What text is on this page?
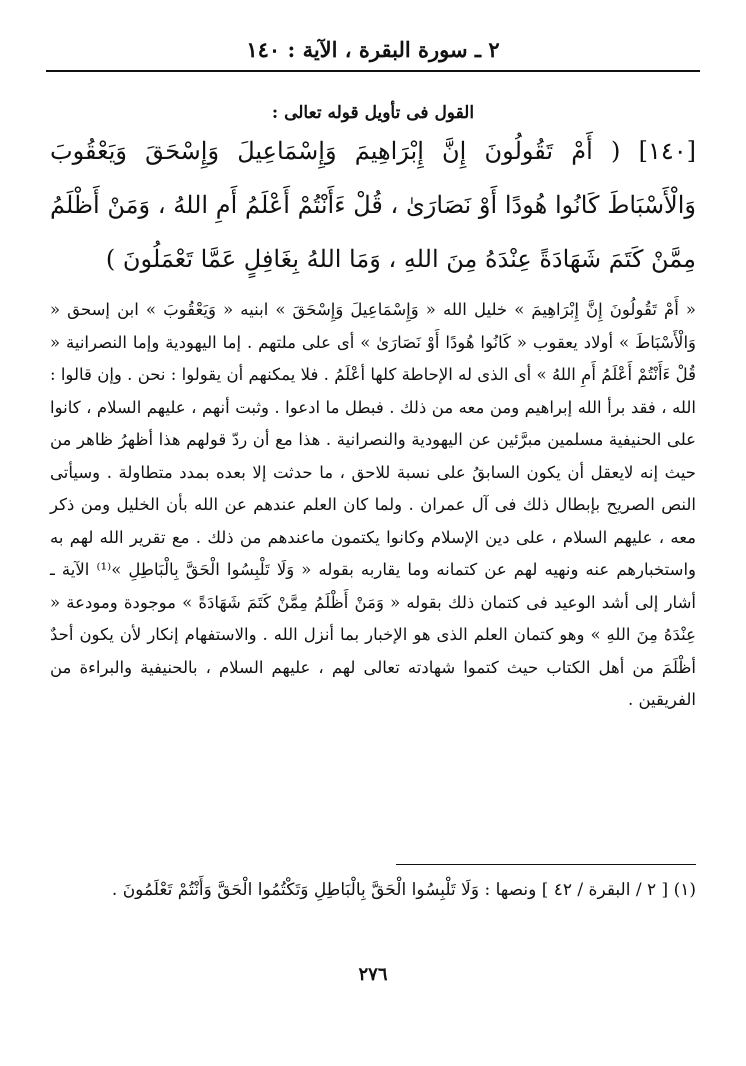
٢ ـ سورة البقرة ، الآية : ١٤٠
القول فى تأويل قوله تعالى :
[١٤٠] ( أَمْ تَقُولُونَ إِنَّ إِبْرَاهِيمَ وَإِسْمَاعِيلَ وَإِسْحَقَ وَيَعْقُوبَ وَالْأَسْبَاطَ كَانُوا هُودًا أَوْ نَصَارَىٰ ، قُلْ ءَأَنْتُمْ أَعْلَمُ أَمِ اللهُ ، وَمَنْ أَظْلَمُ مِمَّنْ كَتَمَ شَهَادَةً عِنْدَهُ مِنَ اللهِ ، وَمَا اللهُ بِغَافِلٍ عَمَّا تَعْمَلُونَ )

« أَمْ تَقُولُونَ إِنَّ إِبْرَاهِيمَ » خليل الله « وَإِسْمَاعِيلَ وَإِسْحَقَ » ابنيه « وَيَعْقُوبَ » ابن إسحق « وَالْأَسْبَاطَ » أولاد يعقوب « كَانُوا هُودًا أَوْ نَصَارَىٰ » أى على ملتهم . إما اليهودية وإما النصرانية « قُلْ ءَأَنْتُمْ أَعْلَمُ أَمِ اللهُ » أى الذى له الإحاطة كلها أعْلَمُ . فلا يمكنهم أن يقولوا : نحن . وإن قالوا : الله ، فقد برأ الله إبراهيم ومن معه من ذلك . فبطل ما ادعوا . وثبت أنهم ، عليهم السلام ، كانوا على الحنيفية مسلمين مبرَّئين عن اليهودية والنصرانية . هذا مع أن ردّ قولهم هذا أظهرُ ظاهر من حيث إنه لايعقل أن يكون السابقُ على نسبة للاحق ، ما حدثت إلا بعده بمدد متطاولة . وسيأتى النص الصريح بإبطال ذلك فى آل عمران . ولما كان العلم عندهم عن الله بأن الخليل ومن ذكر معه ، عليهم السلام ، على دين الإسلام وكانوا يكتمون ماعندهم من ذلك . مع تقرير الله لهم به واستخبارهم عنه ونهيه لهم عن كتمانه وما يقاربه بقوله « وَلَا تَلْبِسُوا الْحَقَّ بِالْبَاطِلِ »⁽¹⁾ الآية ـ أشار إلى أشد الوعيد فى كتمان ذلك بقوله « وَمَنْ أَظْلَمُ مِمَّنْ كَتَمَ شَهَادَةً » موجودة ومودعة « عِنْدَهُ مِنَ اللهِ » وهو كتمان العلم الذى هو الإخبار بما أنزل الله . والاستفهام إنكار لأن يكون أحدٌ أظْلَمَ من أهل الكتاب حيث كتموا شهادته تعالى لهم ، عليهم السلام ، بالحنيفية والبراءة من الفريقين .

(١) [ ٢ / البقرة / ٤٢ ] ونصها : وَلَا تَلْبِسُوا الْحَقَّ بِالْبَاطِلِ وَتَكْتُمُوا الْحَقَّ وَأَنْتُمْ تَعْلَمُونَ .
٢٧٦
